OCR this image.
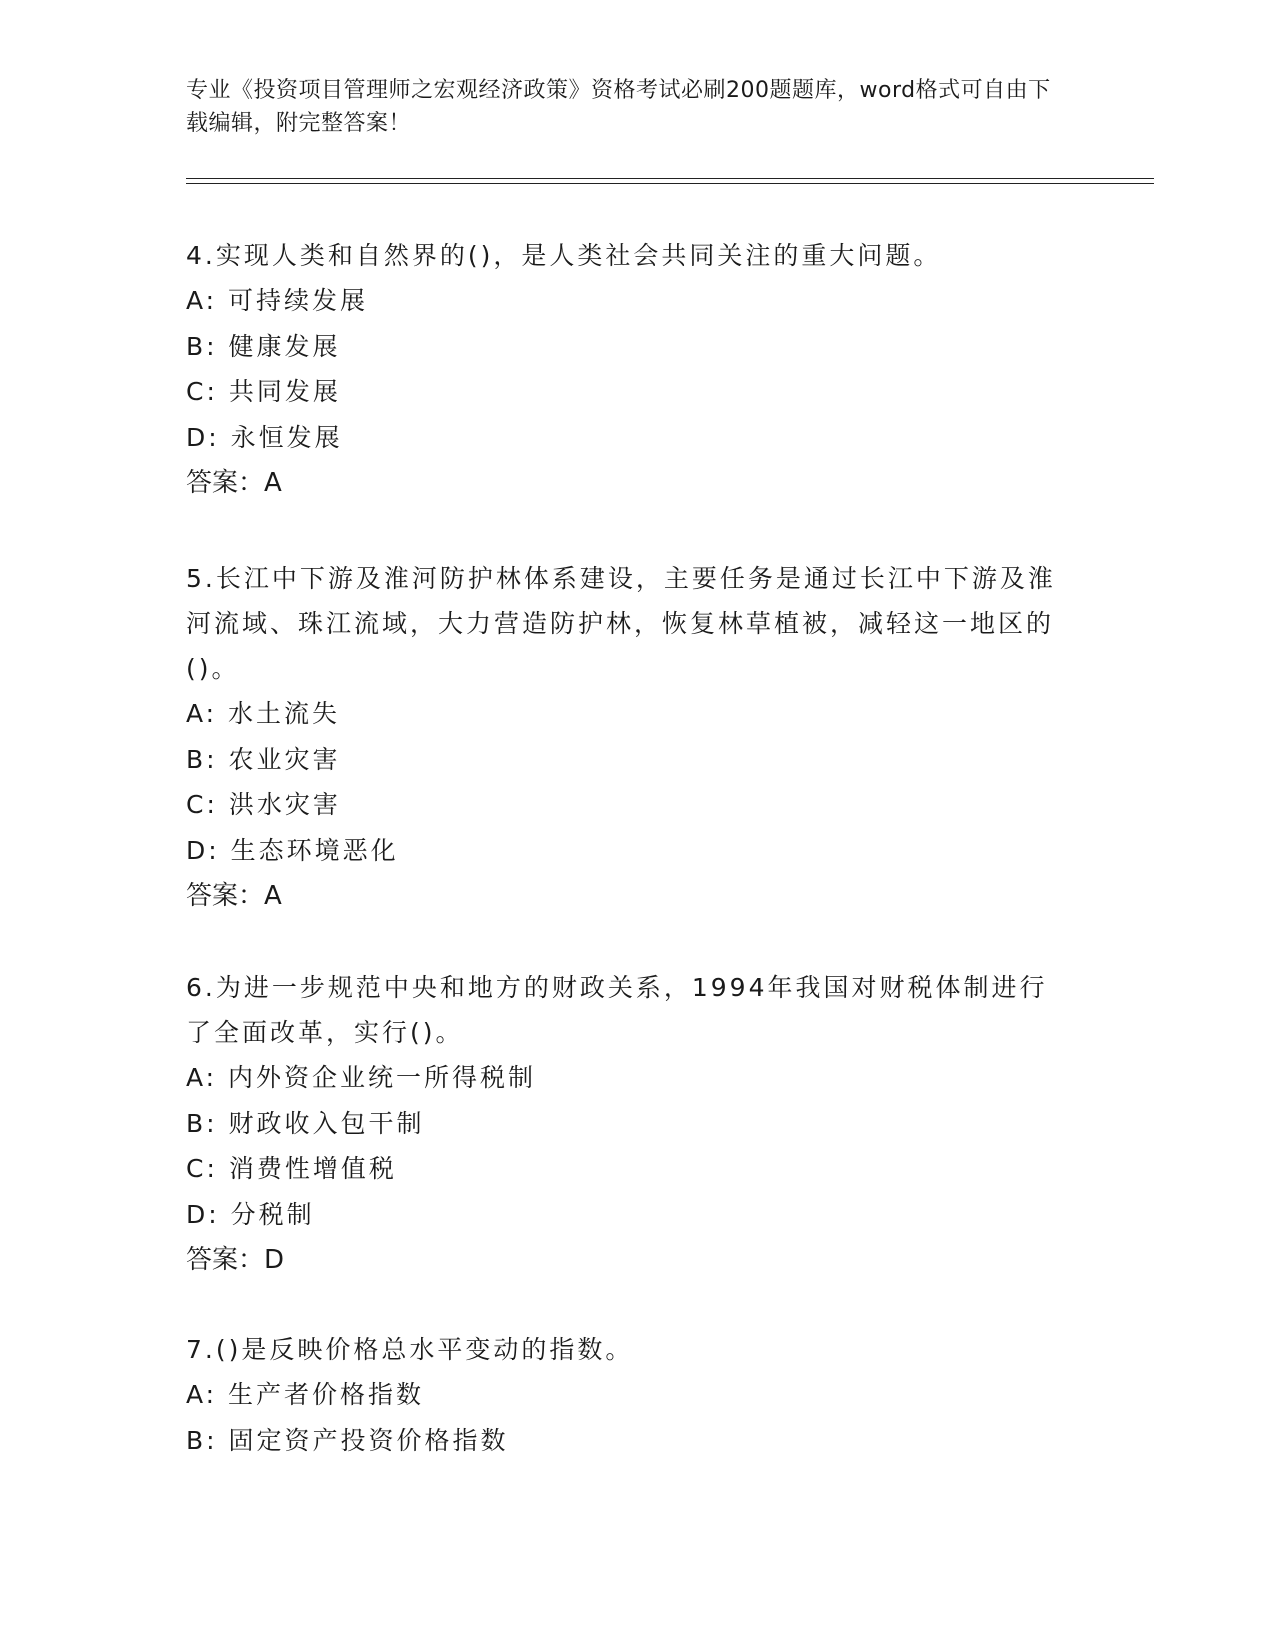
专业《投资项目管理师之宏观经济政策》资格考试必刷200题题库，word格式可自由下载编辑，附完整答案！

4.实现人类和自然界的()，是人类社会共同关注的重大问题。

A: 可持续发展

B: 健康发展

C: 共同发展

D: 永恒发展

答案：A

5.长江中下游及淮河防护林体系建设，主要任务是通过长江中下游及淮河流域、珠江流域，大力营造防护林，恢复林草植被，减轻这一地区的()。

A: 水土流失

B: 农业灾害

C: 洪水灾害

D: 生态环境恶化

答案：A

6.为进一步规范中央和地方的财政关系，1994年我国对财税体制进行了全面改革，实行()。

A: 内外资企业统一所得税制

B: 财政收入包干制

C: 消费性增值税

D: 分税制

答案：D

7.()是反映价格总水平变动的指数。

A: 生产者价格指数

B: 固定资产投资价格指数
